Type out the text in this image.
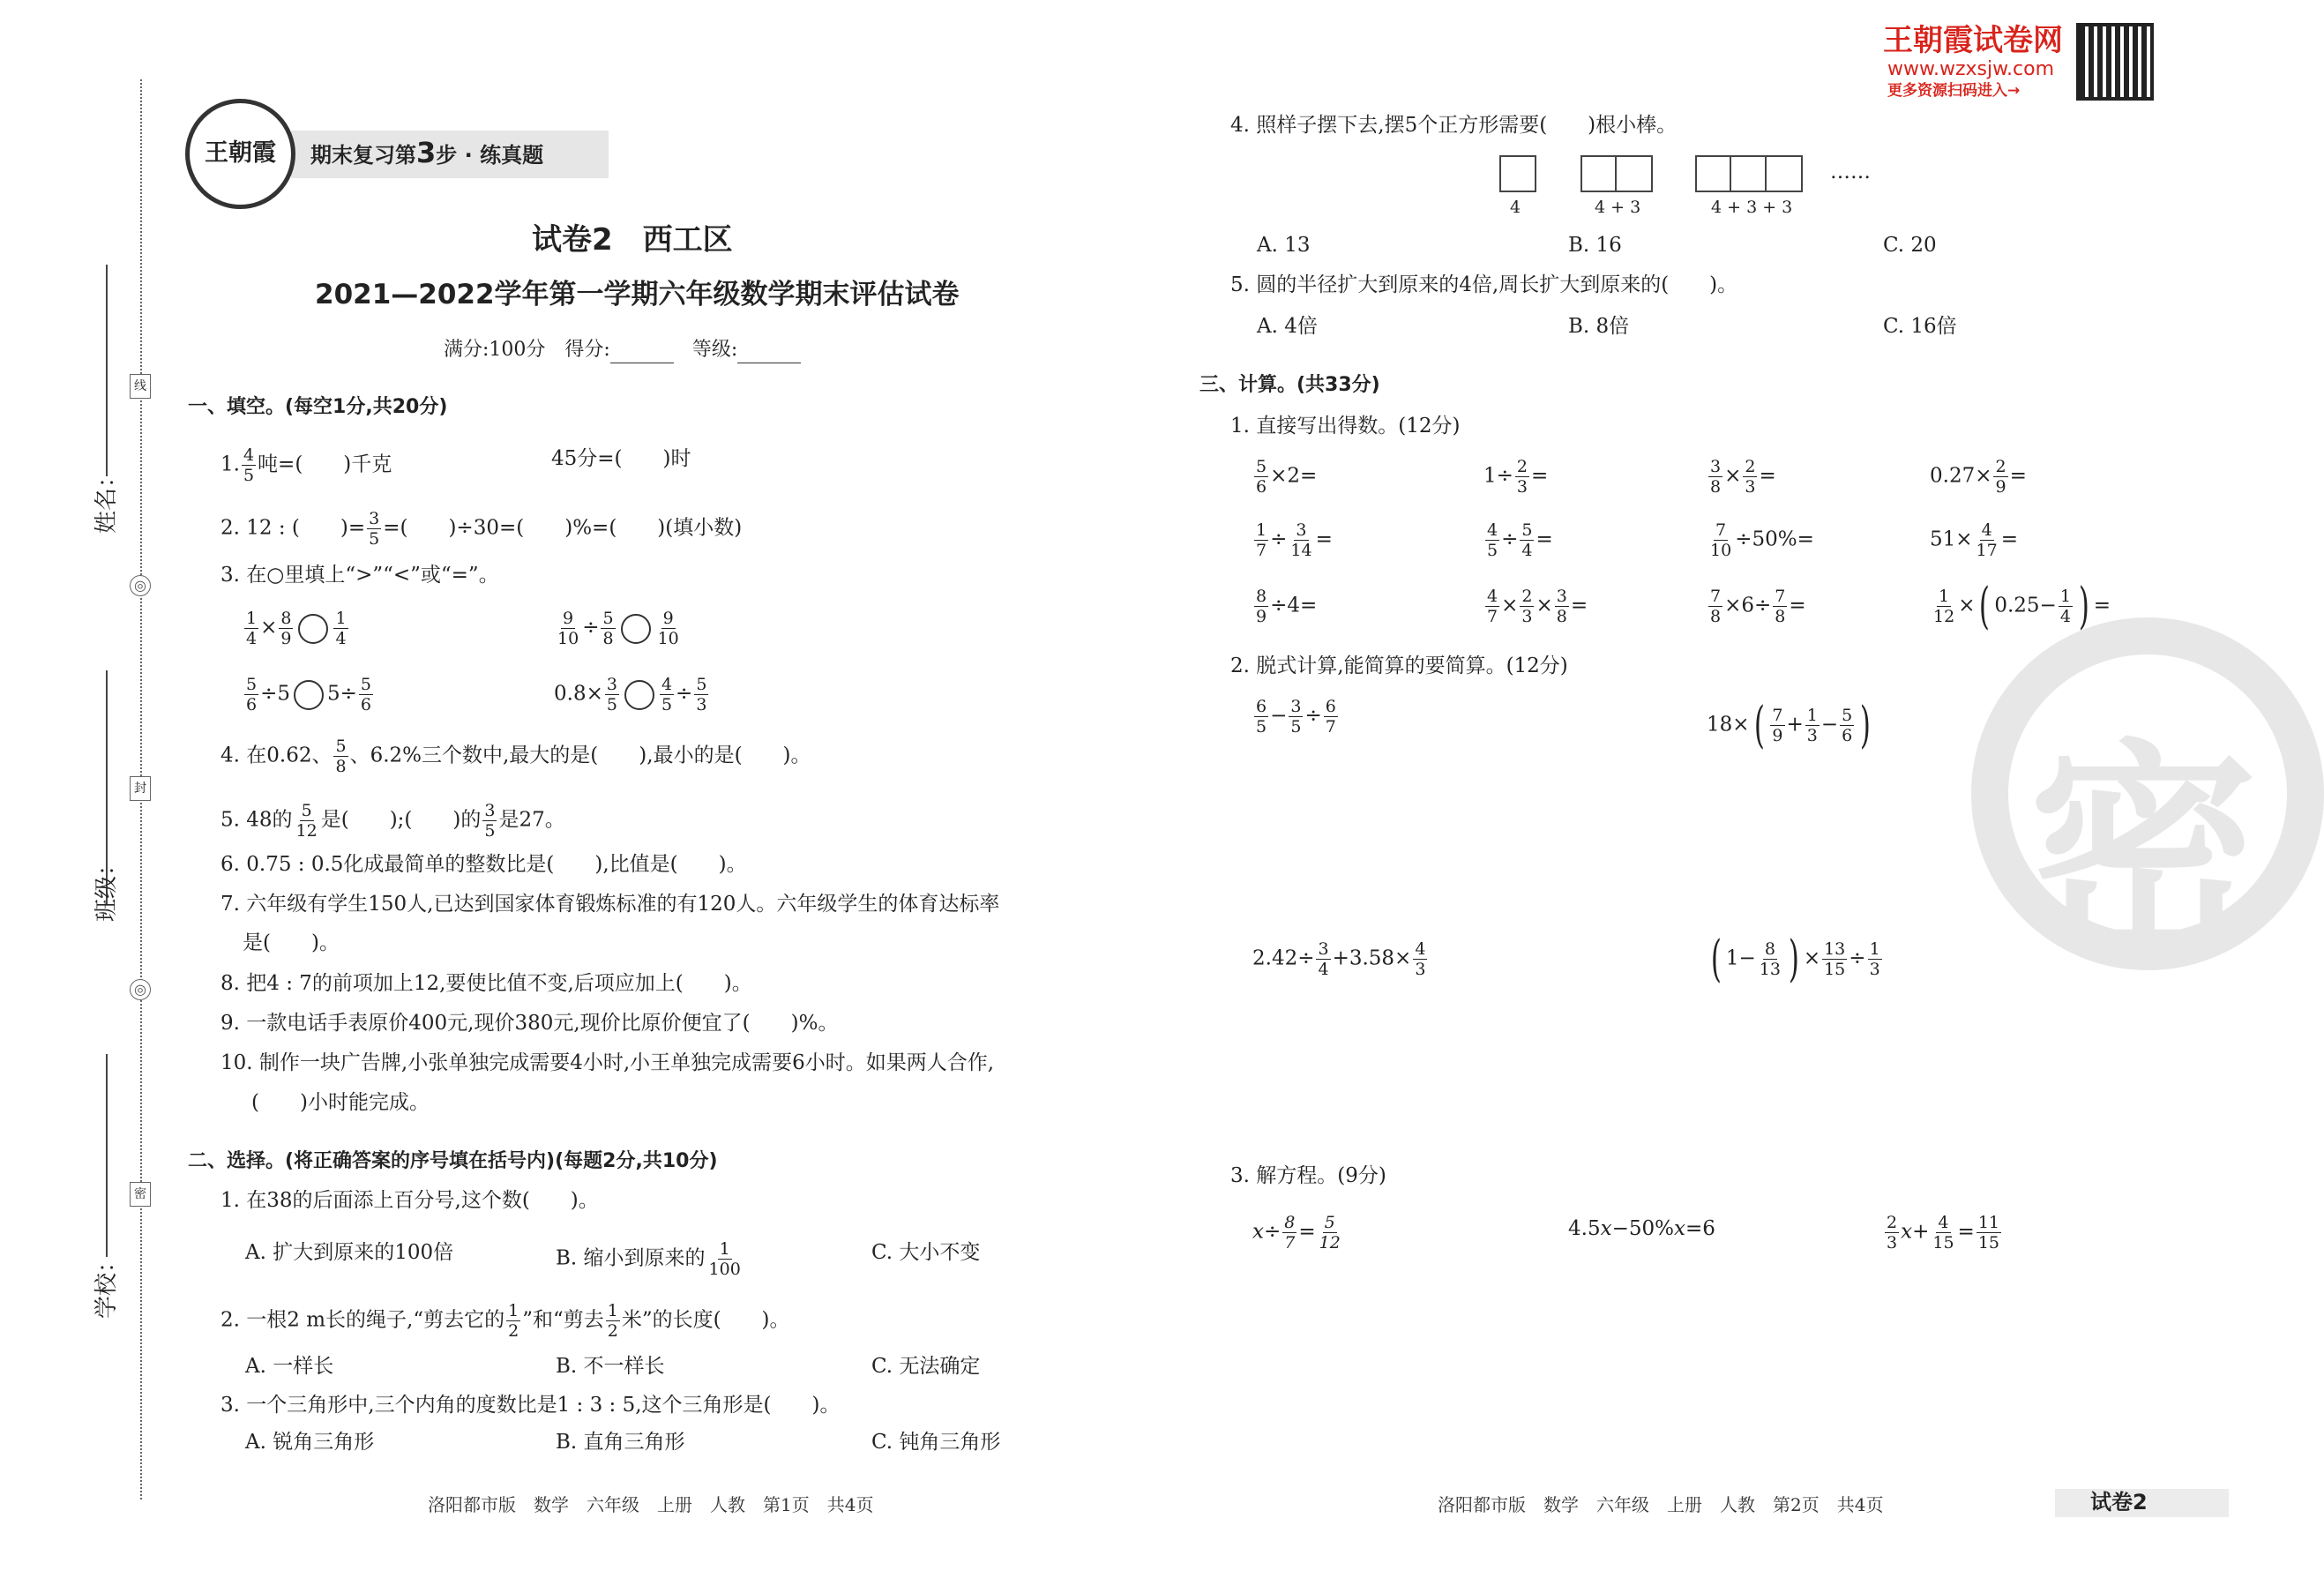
密
姓名：
班级：
学校：
线
◎
封
◎
密
王朝霞 期末复习第3步 · 练真题
王朝霞试卷网
www.wzxsjw.com
更多资源扫码进入→
试卷2　西工区
2021—2022学年第一学期六年级数学期末评估试卷
满分:100分　得分:	等级:
一、填空。(每空1分,共20分)
1. $\frac{4}{5}$ 吨=(　　)千克	45分=(　　)时
2. 12 : (　　)= $\frac{3}{5}$ =(　　)÷30=(　　)%=(　　)(填小数)
3. 在○里填上“>”“<”或“=”。
$\frac{1}{4} \times \frac{8}{9} \frac{1}{4}$	$\frac{9}{10} \div \frac{5}{8} \frac{9}{10}$
$\frac{5}{6} \div 5$ $5\div \frac{5}{6}$	$0.8\times \frac{3}{5} \frac{4}{5} \div \frac{5}{3}$
4. 在0.62、 $\frac{5}{8}$ 、6.2%三个数中,最大的是(　　),最小的是(　　)。
5. 48的 $\frac{5}{12}$ 是(　　);(　　)的 $\frac{3}{5}$ 是27。
6. 0.75 : 0.5化成最简单的整数比是(　　),比值是(　　)。
7. 六年级有学生150人,已达到国家体育锻炼标准的有120人。六年级学生的体育达标率
是(　　)。
8. 把4 : 7的前项加上12,要使比值不变,后项应加上(　　)。
9. 一款电话手表原价400元,现价380元,现价比原价便宜了(　　)%。
10. 制作一块广告牌,小张单独完成需要4小时,小王单独完成需要6小时。如果两人合作,
(　　)小时能完成。
二、选择。(将正确答案的序号填在括号内)(每题2分,共10分)
1. 在38的后面添上百分号,这个数(　　)。
A. 扩大到原来的100倍	B. 缩小到原来的 $\frac{1}{100}$	C. 大小不变
2. 一根2 m长的绳子,“剪去它的 $\frac{1}{2}$ ”和“剪去 $\frac{1}{2}$ 米”的长度(　　)。
A. 一样长	B. 不一样长	C. 无法确定
3. 一个三角形中,三个内角的度数比是1 : 3 : 5,这个三角形是(　　)。
A. 锐角三角形	B. 直角三角形	C. 钝角三角形
4. 照样子摆下去,摆5个正方形需要(　　)根小棒。
……
4	4 + 3	4 + 3 + 3
A. 13	B. 16	C. 20
5. 圆的半径扩大到原来的4倍,周长扩大到原来的(　　)。
A. 4倍	B. 8倍	C. 16倍
三、计算。(共33分)
1. 直接写出得数。(12分)
$\frac{5}{6} \times 2=$	$1\div \frac{2}{3}$ =	$\frac{3}{8} \times \frac{2}{3}$ =	$0.27\times \frac{2}{9}$ =
$\frac{1}{7} \div \frac{3}{14}$ =	$\frac{4}{5} \div \frac{5}{4}$ =	$\frac{7}{10} \div 50\%=$	$51\times \frac{4}{17}$ =
$\frac{8}{9} \div 4=$	$\frac{4}{7} \times \frac{2}{3} \times \frac{3}{8}$ =	$\frac{7}{8} \times 6\div \frac{7}{8}$ =	$\frac{1}{12}$ ×( $0.25- \frac{1}{4}$ ) =
2. 脱式计算,能简算的要简算。(12分)
$\frac{6}{5} - \frac{3}{5} \div \frac{6}{7}$	$18\times( \frac{7}{9} + \frac{1}{3} - \frac{5}{6}$ )
$2.42\div \frac{3}{4} +3.58\times \frac{4}{3}$	( $1- \frac{8}{13}$ ) × $\frac{13}{15} \div \frac{1}{3}$
3. 解方程。(9分)
$x\div \frac{8}{7} = \frac{5}{12}$	4.5x−50%x=6	$\frac{2}{3} x+ \frac{4}{15} = \frac{11}{15}$
洛阳都市版　数学　六年级　上册　人教　第1页　共4页	洛阳都市版　数学　六年级　上册　人教　第2页　共4页	试卷2
